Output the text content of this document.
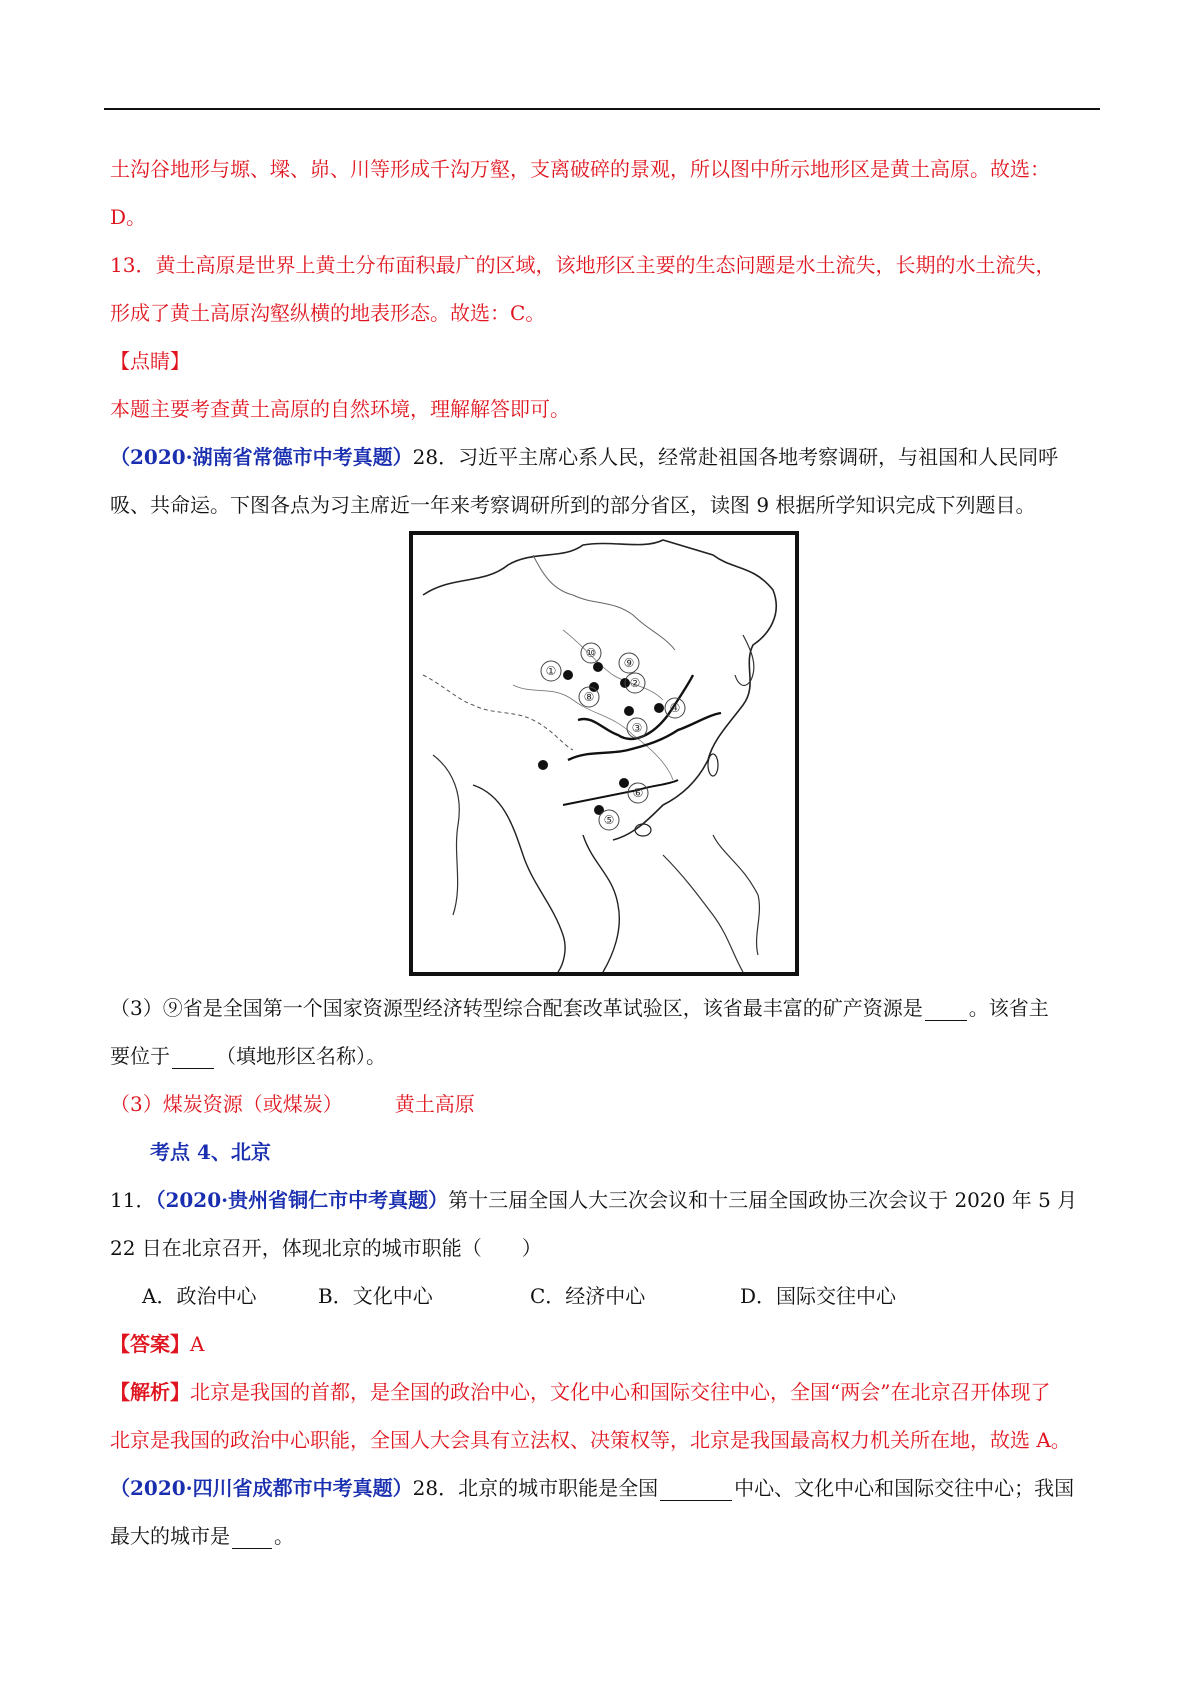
土沟谷地形与塬、墚、峁、川等形成千沟万壑，支离破碎的景观，所以图中所示地形区是黄土高原。故选：
D。
13．黄土高原是世界上黄土分布面积最广的区域，该地形区主要的生态问题是水土流失，长期的水土流失，
形成了黄土高原沟壑纵横的地表形态。故选：C。
【点睛】
本题主要考查黄土高原的自然环境，理解解答即可。
（2020·湖南省常德市中考真题）28．习近平主席心系人民，经常赴祖国各地考察调研，与祖国和人民同呼
吸、共命运。下图各点为习主席近一年来考察调研所到的部分省区，读图 9 根据所学知识完成下列题目。
①
②
③
④
⑤
⑥
⑧
⑨
⑩
（3）⑨省是全国第一个国家资源型经济转型综合配套改革试验区，该省最丰富的矿产资源是 。该省主
要位于 （填地形区名称）。
（3）煤炭资源（或煤炭）	黄土高原
考点 4、北京
11．（2020·贵州省铜仁市中考真题）第十三届全国人大三次会议和十三届全国政协三次会议于 2020 年 5 月
22 日在北京召开，体现北京的城市职能（　　）
A．政治中心	B．文化中心	C．经济中心	D．国际交往中心
【答案】A
【解析】北京是我国的首都，是全国的政治中心，文化中心和国际交往中心，全国“两会”在北京召开体现了
北京是我国的政治中心职能，全国人大会具有立法权、决策权等，北京是我国最高权力机关所在地，故选 A。
（2020·四川省成都市中考真题）28．北京的城市职能是全国	中心、文化中心和国际交往中心；我国
最大的城市是 。
